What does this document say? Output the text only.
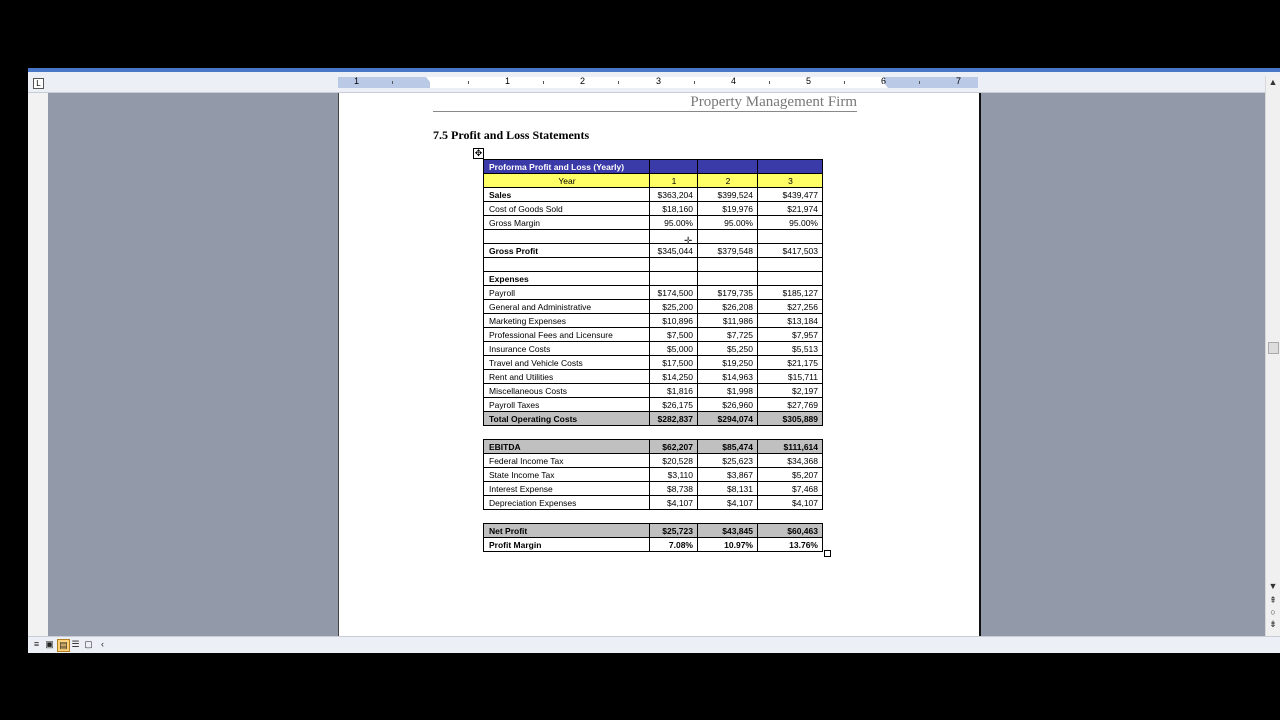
L	1	1	2	3	4	5	6	7
Property Management Firm
7.5 Profit and Loss Statements
✥
Proforma Profit and Loss (Yearly)			
Year	1	2	3
Sales	$363,204	$399,524	$439,477
Cost of Goods Sold	$18,160	$19,976	$21,974
Gross Margin	95.00%	95.00%	95.00%

Gross Profit	$345,044	$379,548	$417,503

Expenses			
Payroll	$174,500	$179,735	$185,127
General and Administrative	$25,200	$26,208	$27,256
Marketing Expenses	$10,896	$11,986	$13,184
Professional Fees and Licensure	$7,500	$7,725	$7,957
Insurance Costs	$5,000	$5,250	$5,513
Travel and Vehicle Costs	$17,500	$19,250	$21,175
Rent and Utilities	$14,250	$14,963	$15,711
Miscellaneous Costs	$1,816	$1,998	$2,197
Payroll Taxes	$26,175	$26,960	$27,769
Total Operating Costs	$282,837	$294,074	$305,889

EBITDA	$62,207	$85,474	$111,614
Federal Income Tax	$20,528	$25,623	$34,368
State Income Tax	$3,110	$3,867	$5,207
Interest Expense	$8,738	$8,131	$7,468
Depreciation Expenses	$4,107	$4,107	$4,107

Net Profit	$25,723	$43,845	$60,463
Profit Margin	7.08%	10.97%	13.76%
✛
▲
▼
⇞
○
⇟
≡ ▣ ▤ ☰ ▢ ‹
